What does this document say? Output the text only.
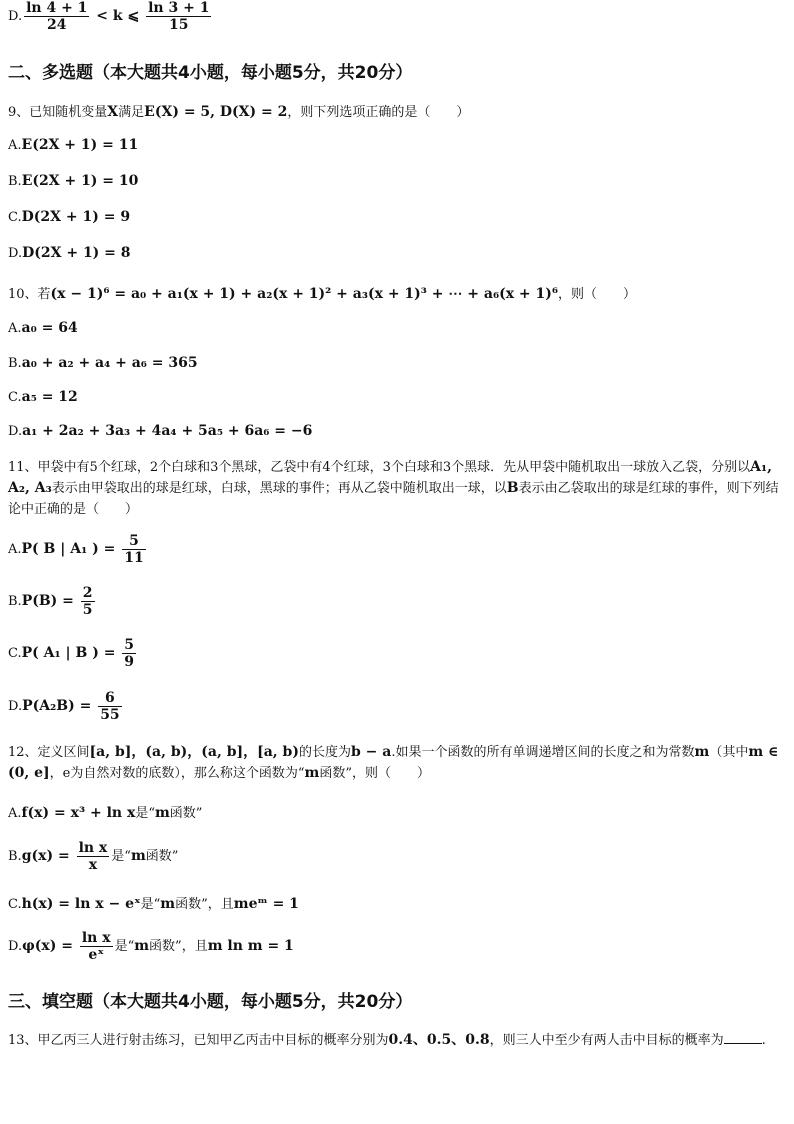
D. $\frac{\ln 4 + 1}{24} < k$ ⩽ $\frac{\ln 3 + 1}{15}$
二、多选题（本大题共4小题，每小题5分，共20分）
9、已知随机变量X满足E(X) = 5, D(X) = 2，则下列选项正确的是（　　）
A.E(2X + 1) = 11
B.E(2X + 1) = 10
C.D(2X + 1) = 9
D.D(2X + 1) = 8
10、若(x − 1)⁶ = a₀ + a₁(x + 1) + a₂(x + 1)² + a₃(x + 1)³ + ⋯ + a₆(x + 1)⁶，则（　　）
A.a₀ = 64
B.a₀ + a₂ + a₄ + a₆ = 365
C.a₅ = 12
D.a₁ + 2a₂ + 3a₃ + 4a₄ + 5a₅ + 6a₆ = −6
11、甲袋中有5个红球，2个白球和3个黑球，乙袋中有4个红球，3个白球和3个黑球．先从甲袋中随机取出一球放入乙袋，分别以A₁, A₂, A₃表示由甲袋取出的球是红球，白球，黑球的事件；再从乙袋中随机取出一球，以B表示由乙袋取出的球是红球的事件，则下列结论中正确的是（　　）
A.P( B | A₁ ) = $\frac{5}{11}$
$B.P(B) = \frac{2}{5}$
C.P( A₁ | B ) = $\frac{5}{9}$
$D.P(A_2B) = \frac{6}{55}$
12、定义区间[a, b]，(a, b)，(a, b]，[a, b)的长度为b − a.如果一个函数的所有单调递增区间的长度之和为常数m（其中m ∈ (0, e]，e为自然对数的底数），那么称这个函数为“m函数”，则（　　）
A.f(x) = x³ + ln x是“m函数”
$B.g(x) = \frac{\text{ln x}}{x}$ 是“m函数”
C.h(x) = ln x − eˣ是“m函数”，且meᵐ = 1
$D.\varphi(x) = \frac{\text{ln x}}{\text{eˣ}}$ 是“m函数”，且m ln m = 1
三、填空题（本大题共4小题，每小题5分，共20分）
13、甲乙丙三人进行射击练习，已知甲乙丙击中目标的概率分别为0.4、0.5、0.8，则三人中至少有两人击中目标的概率为	.
